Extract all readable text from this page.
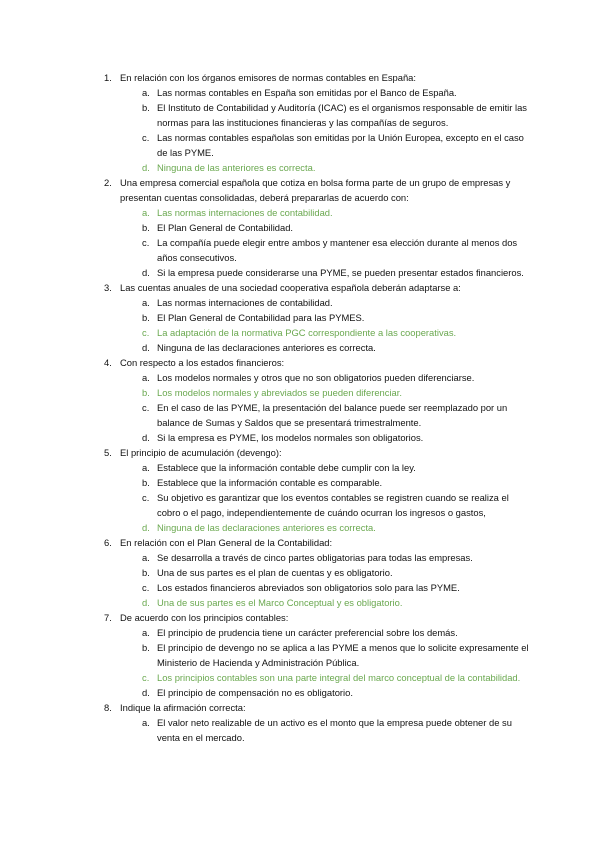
1. En relación con los órganos emisores de normas contables en España:
a. Las normas contables en España son emitidas por el Banco de España.
b. El Instituto de Contabilidad y Auditoría (ICAC) es el organismos responsable de emitir las normas para las instituciones financieras y las compañías de seguros.
c. Las normas contables españolas son emitidas por la Unión Europea, excepto en el caso de las PYME.
d. Ninguna de las anteriores es correcta.
2. Una empresa comercial española que cotiza en bolsa forma parte de un grupo de empresas y presentan cuentas consolidadas, deberá prepararlas de acuerdo con:
a. Las normas internaciones de contabilidad.
b. El Plan General de Contabilidad.
c. La compañía puede elegir entre ambos y mantener esa elección durante al menos dos años consecutivos.
d. Si la empresa puede considerarse una PYME, se pueden presentar estados financieros.
3. Las cuentas anuales de una sociedad cooperativa española deberán adaptarse a:
a. Las normas internaciones de contabilidad.
b. El Plan General de Contabilidad para las PYMES.
c. La adaptación de la normativa PGC correspondiente a las cooperativas.
d. Ninguna de las declaraciones anteriores es correcta.
4. Con respecto a los estados financieros:
a. Los modelos normales y otros que no son obligatorios pueden diferenciarse.
b. Los modelos normales y abreviados se pueden diferenciar.
c. En el caso de las PYME, la presentación del balance puede ser reemplazado por un balance de Sumas y Saldos que se presentará trimestralmente.
d. Si la empresa es PYME, los modelos normales son obligatorios.
5. El principio de acumulación (devengo):
a. Establece que la información contable debe cumplir con la ley.
b. Establece que la información contable es comparable.
c. Su objetivo es garantizar que los eventos contables se registren cuando se realiza el cobro o el pago, independientemente de cuándo ocurran los ingresos o gastos,
d. Ninguna de las declaraciones anteriores es correcta.
6. En relación con el Plan General de la Contabilidad:
a. Se desarrolla a través de cinco partes obligatorias para todas las empresas.
b. Una de sus partes es el plan de cuentas y es obligatorio.
c. Los estados financieros abreviados son obligatorios solo para las PYME.
d. Una de sus partes es el Marco Conceptual y es obligatorio.
7. De acuerdo con los principios contables:
a. El principio de prudencia tiene un carácter preferencial sobre los demás.
b. El principio de devengo no se aplica a las PYME a menos que lo solicite expresamente el Ministerio de Hacienda y Administración Pública.
c. Los principios contables son una parte integral del marco conceptual de la contabilidad.
d. El principio de compensación no es obligatorio.
8. Indique la afirmación correcta:
a. El valor neto realizable de un activo es el monto que la empresa puede obtener de su venta en el mercado.
